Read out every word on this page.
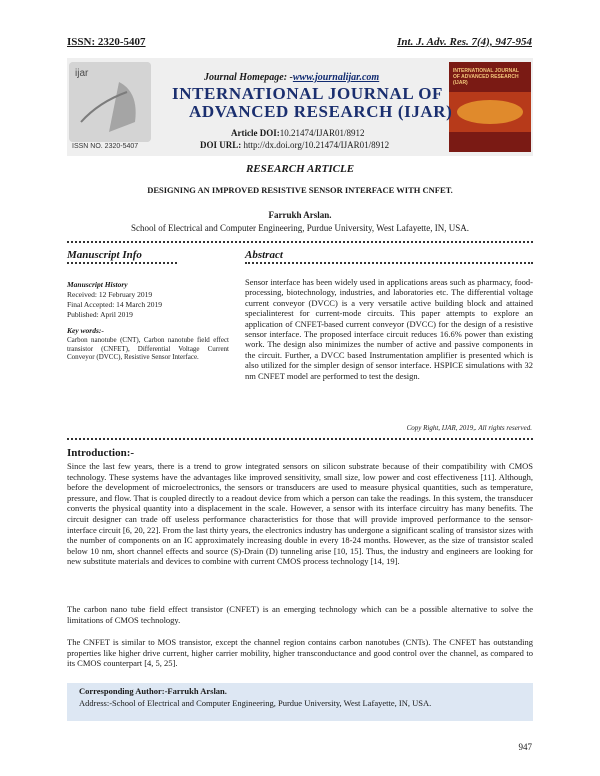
ISSN: 2320-5407	Int. J. Adv. Res. 7(4), 947-954
ijar
ISSN NO. 2320-5407
INTERNATIONAL JOURNAL OF ADVANCED RESEARCH (IJAR)
Journal Homepage: -www.journalijar.com
INTERNATIONAL JOURNAL OF
ADVANCED RESEARCH (IJAR)
Article DOI:10.21474/IJAR01/8912
DOI URL: http://dx.doi.org/10.21474/IJAR01/8912
RESEARCH ARTICLE
DESIGNING AN IMPROVED RESISTIVE SENSOR INTERFACE WITH CNFET.
Farrukh Arslan.
School of Electrical and Computer Engineering, Purdue University, West Lafayette, IN, USA.
Manuscript Info	Abstract
Manuscript History
Received: 12 February 2019
Final Accepted: 14 March 2019
Published: April 2019
Key words:-
Carbon nanotube (CNT), Carbon nanotube field effect transistor (CNFET), Differential Voltage Current Conveyor (DVCC), Resistive Sensor Interface.
Sensor interface has been widely used in applications areas such as pharmacy, food-processing, biotechnology, industries, and laboratories etc. The differential voltage current conveyor (DVCC) is a very versatile active building block and attained specialinterest for current-mode circuits. This paper attempts to explore an application of CNFET-based current conveyor (DVCC) for the design of a resistive sensor interface. The proposed interface circuit reduces 16.6% power than existing work. The design also minimizes the number of active and passive components in the circuit. Further, a DVCC based Instrumentation amplifier is presented which is also utilized for the simpler design of sensor interface. HSPICE simulations with 32 nm CNFET model are performed to test the design.
Copy Right, IJAR, 2019,. All rights reserved.
Introduction:-
Since the last few years, there is a trend to grow integrated sensors on silicon substrate because of their compatibility with CMOS technology. These systems have the advantages like improved sensitivity, small size, low power and cost effectiveness [11]. Although, before the development of microelectronics, the sensors or transducers are used to measure physical quantities, such as temperature, pressure, and flow. That is coupled directly to a readout device from which a person can take the readings. In this system, the transducer converts the physical quantity into a displacement in the scale. However, a sensor with its interface circuitry has many benefits. The circuit designer can trade off useless performance characteristics for those that will provide improved performance to the sensor-interface circuit [6, 20, 22]. From the last thirty years, the electronics industry has undergone a significant scaling of transistor sizes with the number of components on an IC approximately increasing double in every 18-24 months. However, as the size of transistor scaled below 10 nm, short channel effects and source (S)-Drain (D) tunneling arise [10, 15]. Thus, the industry and engineers are looking for new substitute materials and devices to combine with current CMOS process technology [14, 19].
The carbon nano tube field effect transistor (CNFET) is an emerging technology which can be a possible alternative to solve the limitations of CMOS technology.
The CNFET is similar to MOS transistor, except the channel region contains carbon nanotubes (CNTs). The CNFET has outstanding properties like higher drive current, higher carrier mobility, higher transconductance and good control over the channel, as compared to its CMOS counterpart [4, 5, 25].
Corresponding Author:-Farrukh Arslan.
Address:-School of Electrical and Computer Engineering, Purdue University, West Lafayette, IN, USA.
947
